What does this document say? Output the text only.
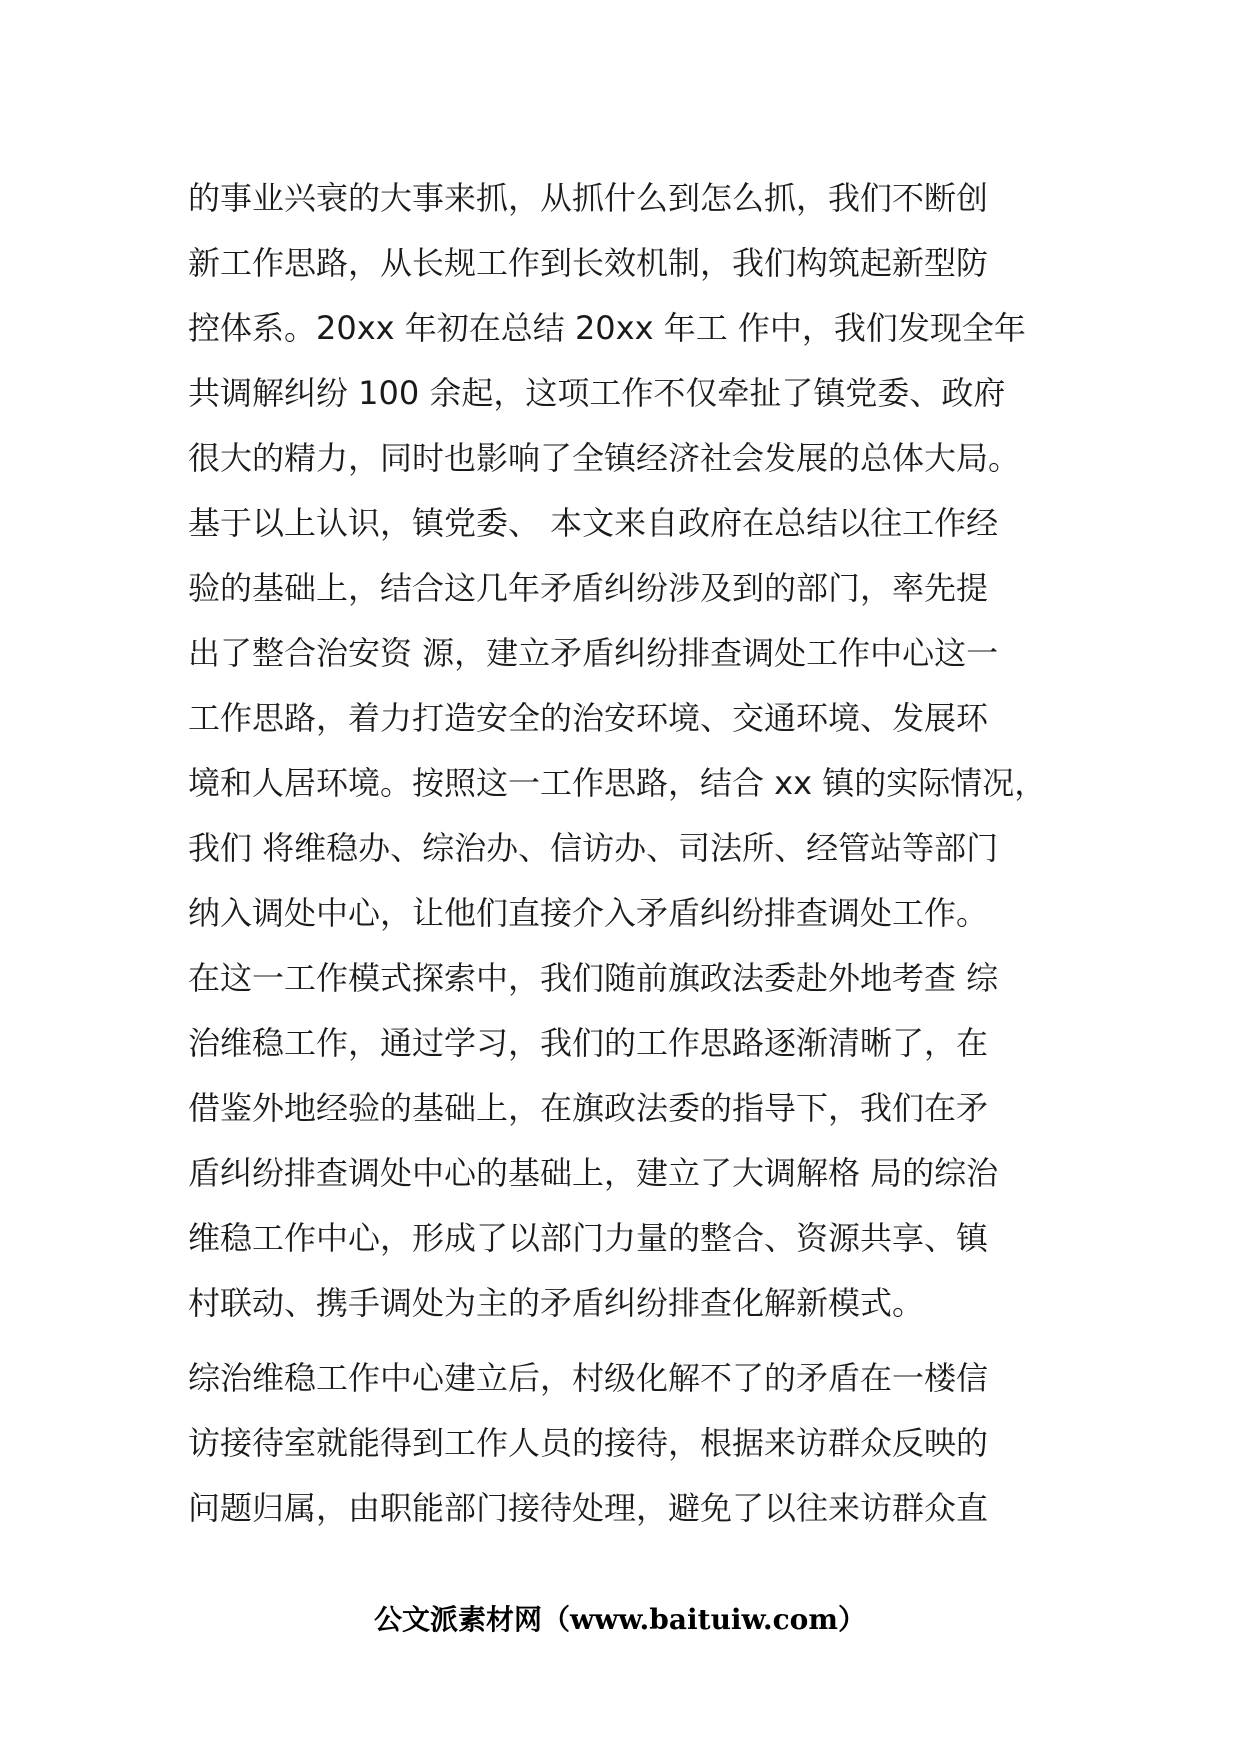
的事业兴衰的大事来抓，从抓什么到怎么抓，我们不断创
新工作思路，从长规工作到长效机制，我们构筑起新型防
控体系。20xx 年初在总结 20xx 年工 作中，我们发现全年
共调解纠纷 100 余起，这项工作不仅牵扯了镇党委、政府
很大的精力，同时也影响了全镇经济社会发展的总体大局。
基于以上认识，镇党委、 本文来自政府在总结以往工作经
验的基础上，结合这几年矛盾纠纷涉及到的部门，率先提
出了整合治安资 源，建立矛盾纠纷排查调处工作中心这一
工作思路，着力打造安全的治安环境、交通环境、发展环
境和人居环境。按照这一工作思路，结合 xx 镇的实际情况，
我们 将维稳办、综治办、信访办、司法所、经管站等部门
纳入调处中心，让他们直接介入矛盾纠纷排查调处工作。
在这一工作模式探索中，我们随前旗政法委赴外地考查 综
治维稳工作，通过学习，我们的工作思路逐渐清晰了，在
借鉴外地经验的基础上，在旗政法委的指导下，我们在矛
盾纠纷排查调处中心的基础上，建立了大调解格 局的综治
维稳工作中心，形成了以部门力量的整合、资源共享、镇
村联动、携手调处为主的矛盾纠纷排查化解新模式。
综治维稳工作中心建立后，村级化解不了的矛盾在一楼信
访接待室就能得到工作人员的接待，根据来访群众反映的
问题归属，由职能部门接待处理，避免了以往来访群众直
公文派素材网（www.baituiw.com）
